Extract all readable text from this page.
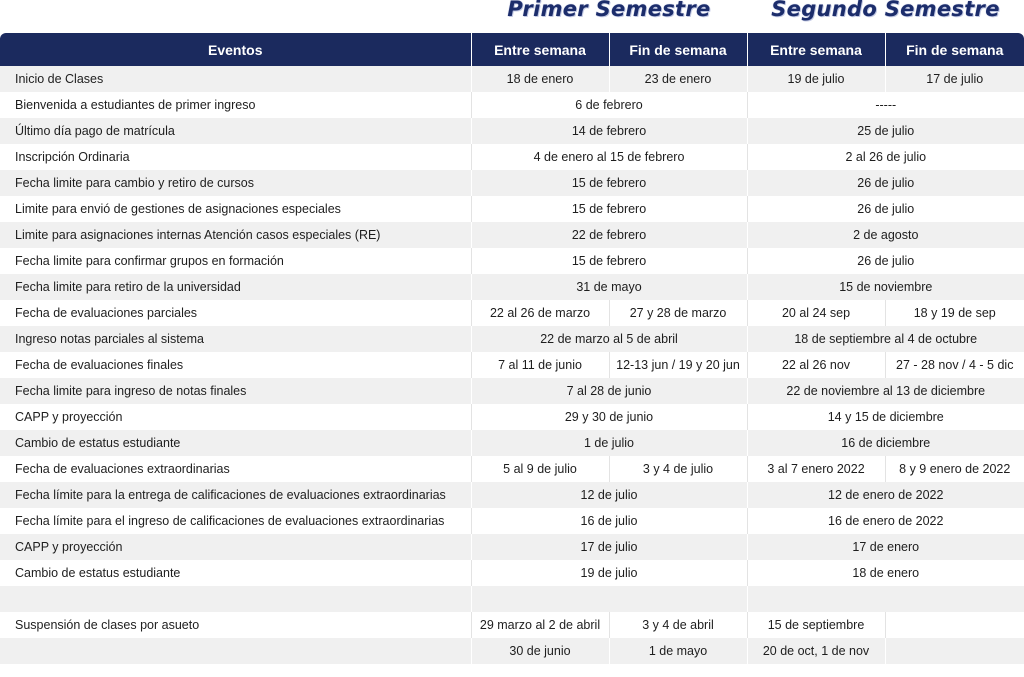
Primer Semestre	Segundo Semestre
Eventos	Entre semana	Fin de semana	Entre semana	Fin de semana
Inicio de Clases	18 de enero	23 de enero	19 de julio	17 de julio
Bienvenida a estudiantes de primer ingreso	6 de febrero		-----	
Último día pago de matrícula	14 de febrero		25 de julio	
Inscripción Ordinaria	4 de enero al 15 de febrero		2 al 26 de julio	
Fecha limite para cambio y retiro de cursos	15 de febrero		26 de julio	
Limite para envió de gestiones de asignaciones especiales	15 de febrero		26 de julio	
Limite para asignaciones internas Atención casos especiales (RE)	22 de febrero		2 de agosto	
Fecha limite para confirmar grupos en formación	15 de febrero		26 de julio	
Fecha limite para retiro de la universidad	31 de mayo		15 de noviembre	
Fecha de evaluaciones parciales	22 al 26 de marzo	27 y 28 de marzo	20 al 24 sep	18 y 19 de sep
Ingreso notas parciales al sistema	22 de marzo al 5 de abril		18 de septiembre al 4 de octubre	
Fecha de evaluaciones finales	7 al 11 de junio	12-13 jun / 19 y 20 jun	22 al 26 nov	27 - 28 nov / 4 - 5 dic
Fecha limite para ingreso de notas finales	7 al 28 de junio		22 de noviembre al 13 de diciembre	
CAPP y proyección	29 y 30 de junio		14 y 15 de diciembre	
Cambio de estatus estudiante	1 de julio		16 de diciembre	
Fecha de evaluaciones extraordinarias	5 al 9 de julio	3 y 4 de julio	3 al 7 enero 2022	8 y 9 enero de 2022
Fecha límite para la entrega de calificaciones de evaluaciones extraordinarias	12 de julio		12 de enero de 2022	
Fecha límite para el ingreso de calificaciones de evaluaciones extraordinarias	16 de julio		16 de enero de 2022	
CAPP y proyección	17 de julio		17 de enero	
Cambio de estatus estudiante	19 de julio		18 de enero	

Suspensión de clases por asueto	29 marzo al 2 de abril	3 y 4 de abril	15 de septiembre	
	30 de junio	1 de mayo	20 de oct, 1 de nov	
